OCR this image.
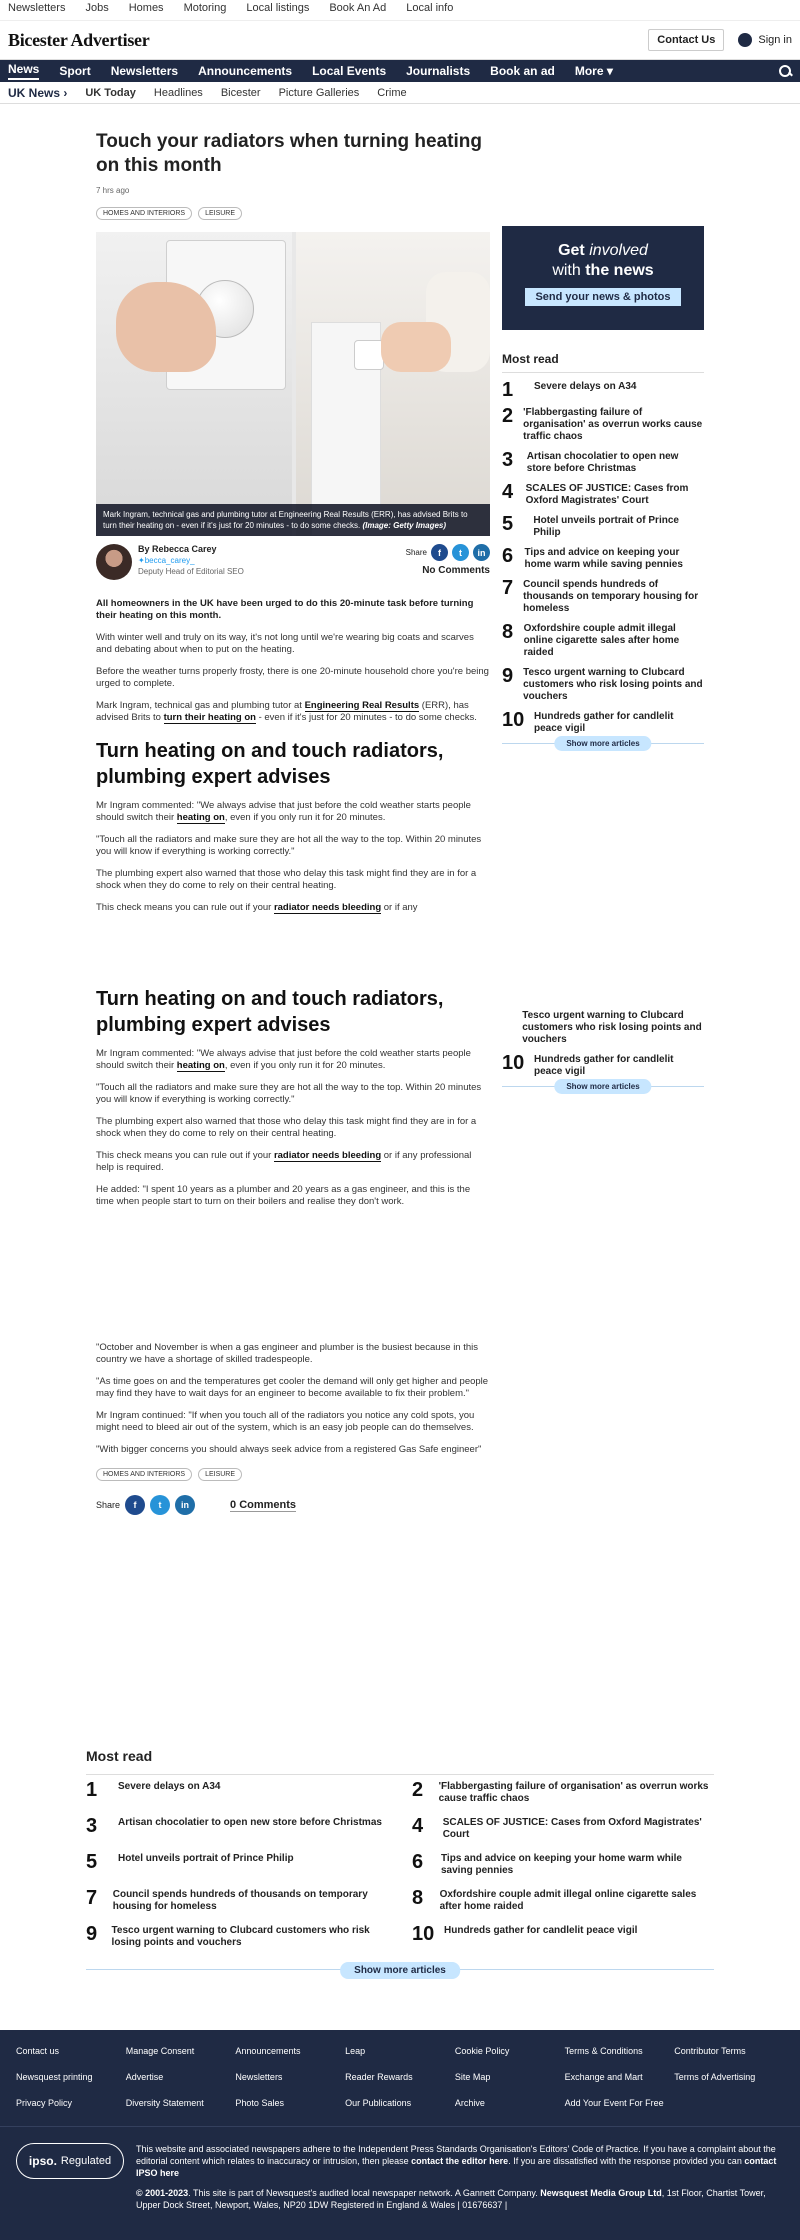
Newsletters Jobs Homes Motoring Local listings Book An Ad Local info
Bicester Advertiser	Contact Us	Sign in
News Sport Newsletters Announcements Local Events Journalists Book an ad More ▾
UK News › UK Today Headlines Bicester Picture Galleries Crime
Touch your radiators when turning heating on this month
7 hrs ago
HOMES AND INTERIORS	LEISURE
Mark Ingram, technical gas and plumbing tutor at Engineering Real Results (ERR), has advised Brits to turn their heating on - even if it's just for 20 minutes - to do some checks. (Image: Getty Images)
By Rebecca Carey
✦becca_carey_
Deputy Head of Editorial SEO
Share	f	t	in
No Comments

All homeowners in the UK have been urged to do this 20-minute task before turning their heating on this month.

With winter well and truly on its way, it's not long until we're wearing big coats and scarves and debating about when to put on the heating.

Before the weather turns properly frosty, there is one 20-minute household chore you're being urged to complete.

Mark Ingram, technical gas and plumbing tutor at Engineering Real Results (ERR), has advised Brits to turn their heating on - even if it's just for 20 minutes - to do some checks.

Turn heating on and touch radiators, plumbing expert advises

Mr Ingram commented: "We always advise that just before the cold weather starts people should switch their heating on, even if you only run it for 20 minutes.

"Touch all the radiators and make sure they are hot all the way to the top. Within 20 minutes you will know if everything is working correctly."

The plumbing expert also warned that those who delay this task might find they are in for a shock when they do come to rely on their central heating.

This check means you can rule out if your radiator needs bleeding or if any

Get involved
with the news
Send your news & photos
Most read
1	Severe delays on A34
2 'Flabbergasting failure of organisation' as overrun works cause traffic chaos
3	Artisan chocolatier to open new store before Christmas
4 SCALES OF JUSTICE: Cases from Oxford Magistrates' Court
5	Hotel unveils portrait of Prince Philip
6 Tips and advice on keeping your home warm while saving pennies
7 Council spends hundreds of thousands on temporary housing for homeless
8 Oxfordshire couple admit illegal online cigarette sales after home raided
9 Tesco urgent warning to Clubcard customers who risk losing points and vouchers
10 Hundreds gather for candlelit peace vigil
Show more articles
Turn heating on and touch radiators, plumbing expert advises

Mr Ingram commented: "We always advise that just before the cold weather starts people should switch their heating on, even if you only run it for 20 minutes.

"Touch all the radiators and make sure they are hot all the way to the top. Within 20 minutes you will know if everything is working correctly."

The plumbing expert also warned that those who delay this task might find they are in for a shock when they do come to rely on their central heating.

This check means you can rule out if your radiator needs bleeding or if any professional help is required.

He added: "I spent 10 years as a plumber and 20 years as a gas engineer, and this is the time when people start to turn on their boilers and realise they don't work.

"October and November is when a gas engineer and plumber is the busiest because in this country we have a shortage of skilled tradespeople.

"As time goes on and the temperatures get cooler the demand will only get higher and people may find they have to wait days for an engineer to become available to fix their problem."

Mr Ingram continued: "If when you touch all of the radiators you notice any cold spots, you might need to bleed air out of the system, which is an easy job people can do themselves.

"With bigger concerns you should always seek advice from a registered Gas Safe engineer"

HOMES AND INTERIORS	LEISURE
Share	f	t	in	0 Comments
Tesco urgent warning to Clubcard customers who risk losing points and vouchers
10 Hundreds gather for candlelit peace vigil
Show more articles
Most read
1	Severe delays on A34	2	'Flabbergasting failure of organisation' as overrun works cause traffic chaos
3	Artisan chocolatier to open new store before Christmas 4	SCALES OF JUSTICE: Cases from Oxford Magistrates' Court
5	Hotel unveils portrait of Prince Philip	6	Tips and advice on keeping your home warm while saving pennies
7	Council spends hundreds of thousands on temporary housing for homeless	8	Oxfordshire couple admit illegal online cigarette sales after home raided
9	Tesco urgent warning to Clubcard customers who risk losing points and vouchers	10 Hundreds gather for candlelit peace vigil
Show more articles
Contact us	Manage Consent	Announcements	Leap	Cookie Policy	Terms & Conditions	Contributor Terms
Newsquest printing	Advertise	Newsletters	Reader Rewards	Site Map	Exchange and Mart	Terms of Advertising
Privacy Policy	Diversity Statement	Photo Sales	Our Publications	Archive	Add Your Event For Free
ipso. Regulated

This website and associated newspapers adhere to the Independent Press Standards Organisation's Editors' Code of Practice. If you have a complaint about the editorial content which relates to inaccuracy or intrusion, then please contact the editor here. If you are dissatisfied with the response provided you can contact IPSO here

© 2001-2023. This site is part of Newsquest's audited local newspaper network. A Gannett Company. Newsquest Media Group Ltd, 1st Floor, Chartist Tower, Upper Dock Street, Newport, Wales, NP20 1DW Registered in England & Wales | 01676637 |
